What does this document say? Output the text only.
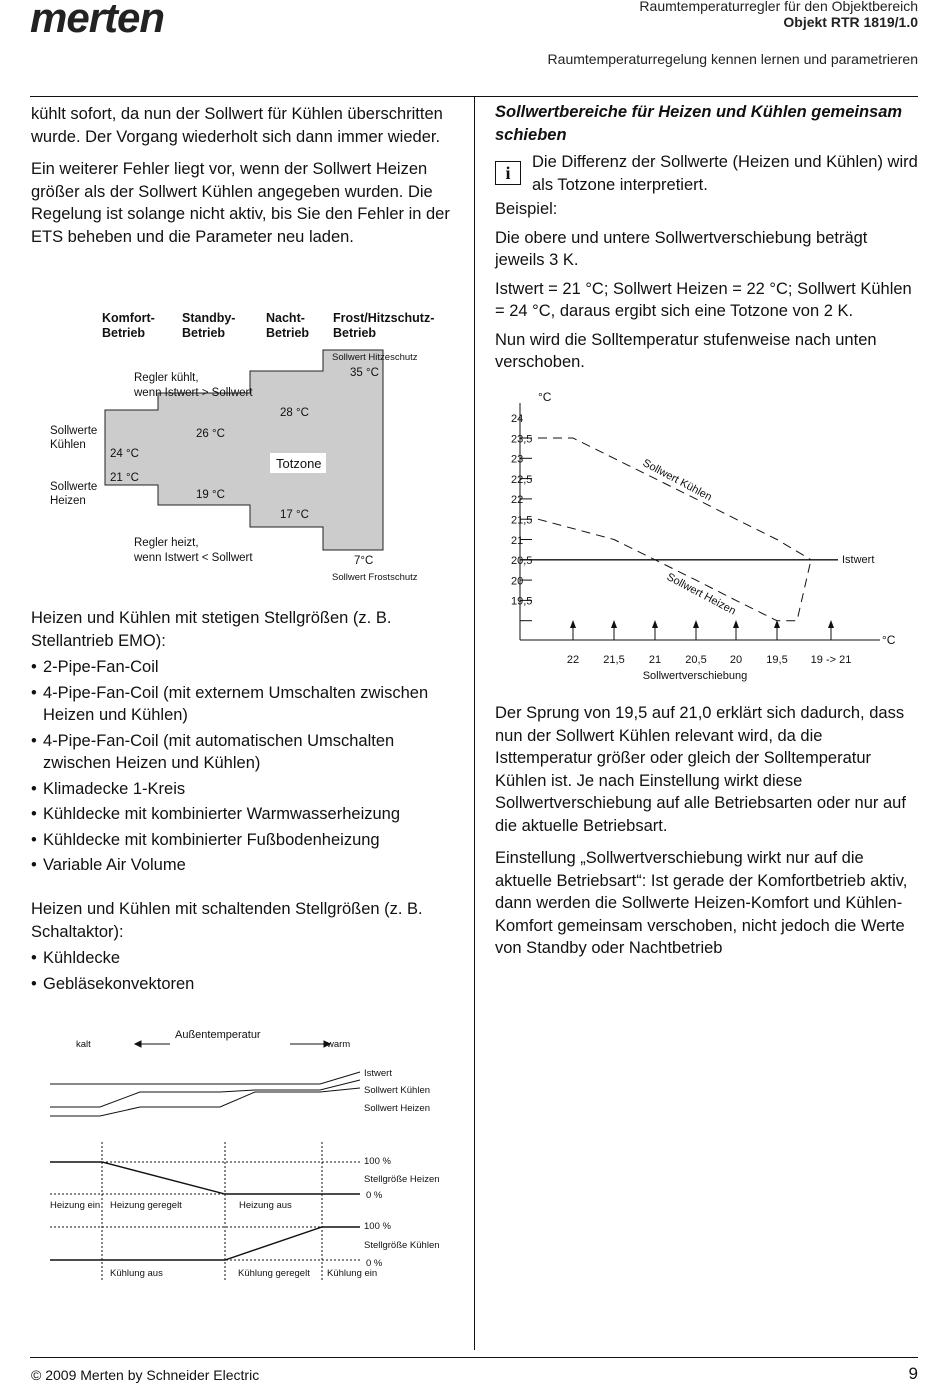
merten	Raumtemperaturregler für den Objektbereich
Objekt RTR 1819/1.0
Raumtemperaturregelung kennen lernen und parametrieren

kühlt sofort, da nun der Sollwert für Kühlen überschritten wurde. Der Vorgang wiederholt sich dann immer wieder.

Ein weiterer Fehler liegt vor, wenn der Sollwert Heizen größer als der Sollwert Kühlen angegeben wurden. Die Regelung ist solange nicht aktiv, bis Sie den Fehler in der ETS beheben und die Parameter neu laden.

Komfort-Betrieb
Standby-Betrieb
Nacht-Betrieb
Frost/Hitzschutz-Betrieb
Sollwerte Kühlen
Sollwerte Heizen
Regler kühlt, wenn Istwert > Sollwert
Regler heizt, wenn Istwert < Sollwert
24 °C
21 °C
26 °C
19 °C
28 °C
17 °C
35 °C
7°C
Sollwert Hitzeschutz
Sollwert Frostschutz
Totzone

Heizen und Kühlen mit stetigen Stellgrößen (z. B. Stellantrieb EMO):

• 2-Pipe-Fan-Coil
• 4-Pipe-Fan-Coil (mit externem Umschalten zwischen Heizen und Kühlen)
• 4-Pipe-Fan-Coil (mit automatischen Umschalten zwischen Heizen und Kühlen)
• Klimadecke 1-Kreis
• Kühldecke mit kombinierter Warmwasserheizung
• Kühldecke mit kombinierter Fußbodenheizung
• Variable Air Volume

Heizen und Kühlen mit schaltenden Stellgrößen (z. B. Schaltaktor):

• Kühldecke
• Gebläsekonvektoren
Sollwertbereiche für Heizen und Kühlen gemeinsam schieben
i
Die Differenz der Sollwerte (Heizen und Kühlen) wird als Totzone interpretiert.

Beispiel:

Die obere und untere Sollwertverschiebung beträgt jeweils 3 K.

Istwert = 21 °C; Sollwert Heizen = 22 °C; Sollwert Kühlen = 24 °C, daraus ergibt sich eine Totzone von 2 K.

Nun wird die Solltemperatur stufenweise nach unten verschoben.

°C
°C
24
23,5
23
22,5
22
21,5
21
20,5
20
19,5
22 21,5 21 20,5 20 19,5 19 -> 21
Sollwertverschiebung
Sollwert Kühlen
Sollwert Heizen
Istwert

Der Sprung von 19,5 auf 21,0 erklärt sich dadurch, dass nun der Sollwert Kühlen relevant wird, da die Isttemperatur größer oder gleich der Solltemperatur Kühlen ist. Je nach Einstellung wirkt diese Sollwertverschiebung auf alle Betriebsarten oder nur auf die aktuelle Betriebsart.

Einstellung „Sollwertverschiebung wirkt nur auf die aktuelle Betriebsart“: Ist gerade der Komfortbetrieb aktiv, dann werden die Sollwerte Heizen-Komfort und Kühlen-Komfort gemeinsam verschoben, nicht jedoch die Werte von Standby oder Nachtbetrieb

Außentemperatur
kalt	warm
Istwert
Sollwert Kühlen
Sollwert Heizen
100 %
Stellgröße Heizen
0 %
Heizung ein Heizung geregelt	Heizung aus
100 %
Stellgröße Kühlen
0 %
Kühlung aus	Kühlung geregelt Kühlung ein
© 2009 Merten by Schneider Electric	9
